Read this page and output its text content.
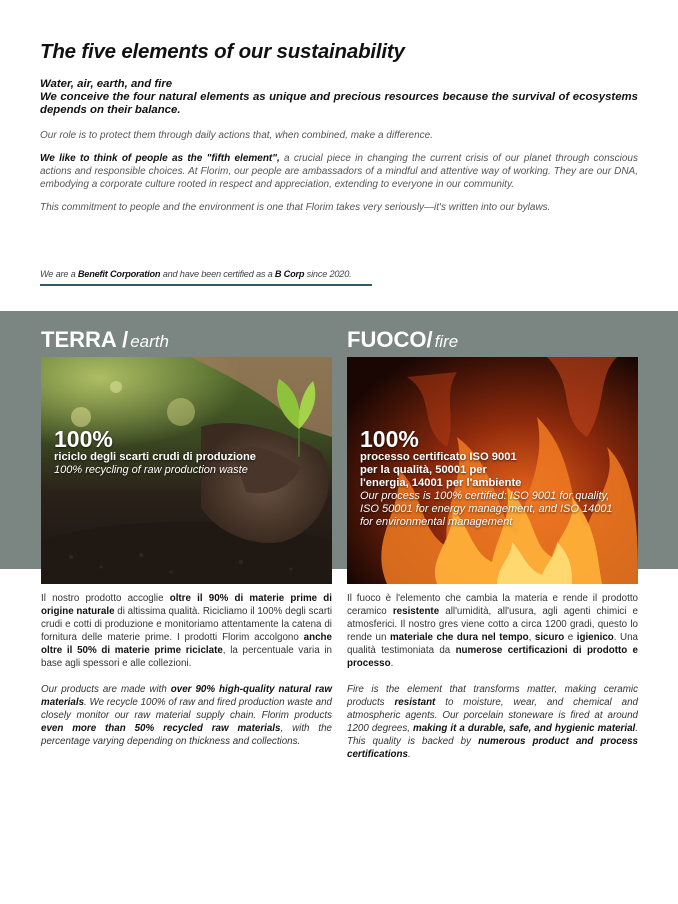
The five elements of our sustainability
Water, air, earth, and fire
We conceive the four natural elements as unique and precious resources because the survival of ecosystems depends on their balance.
Our role is to protect them through daily actions that, when combined, make a difference.
We like to think of people as the "fifth element", a crucial piece in changing the current crisis of our planet through conscious actions and responsible choices. At Florim, our people are ambassadors of a mindful and attentive way of working. They are our DNA, embodying a corporate culture rooted in respect and appreciation, extending to everyone in our community.
This commitment to people and the environment is one that Florim takes very seriously—it's written into our bylaws.
We are a Benefit Corporation and have been certified as a B Corp since 2020.
TERRA / earth
100%
riciclo degli scarti crudi di produzione
100% recycling of raw production waste
Il nostro prodotto accoglie oltre il 90% di materie prime di origine naturale di altissima qualità. Ricicliamo il 100% degli scarti crudi e cotti di produzione e monitoriamo attentamente la catena di fornitura delle materie prime. I prodotti Florim accolgono anche oltre il 50% di materie prime riciclate, la percentuale varia in base agli spessori e alle collezioni.
Our products are made with over 90% high-quality natural raw materials. We recycle 100% of raw and fired production waste and closely monitor our raw material supply chain. Florim products even more than 50% recycled raw materials, with the percentage varying depending on thickness and collections.
FUOCO/ fire
100%
processo certificato ISO 9001
per la qualità, 50001 per
l'energia, 14001 per l'ambiente
Our process is 100% certified: ISO 9001 for quality, ISO 50001 for energy management, and ISO 14001 for environmental management
Il fuoco è l'elemento che cambia la materia e rende il prodotto ceramico resistente all'umidità, all'usura, agli agenti chimici e atmosferici. Il nostro gres viene cotto a circa 1200 gradi, questo lo rende un materiale che dura nel tempo, sicuro e igienico. Una qualità testimoniata da numerose certificazioni di prodotto e processo.
Fire is the element that transforms matter, making ceramic products resistant to moisture, wear, and chemical and atmospheric agents. Our porcelain stoneware is fired at around 1200 degrees, making it a durable, safe, and hygienic material. This quality is backed by numerous product and process certifications.
